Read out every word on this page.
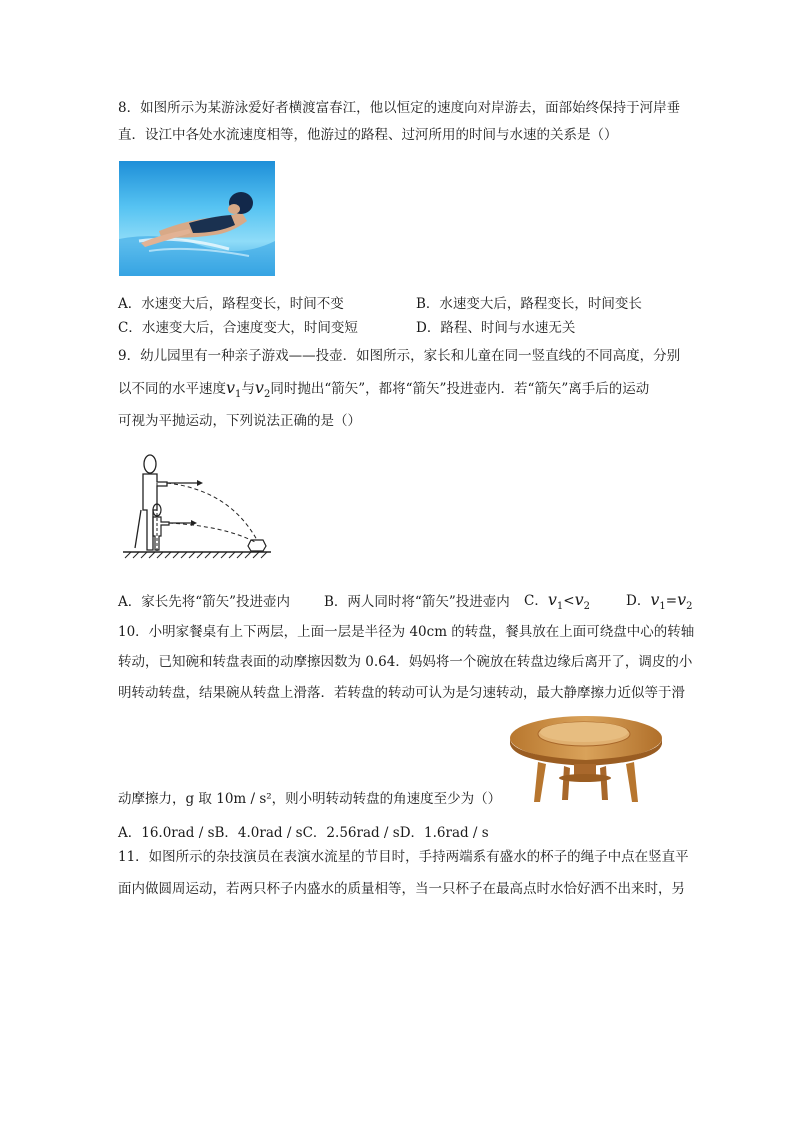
8．如图所示为某游泳爱好者横渡富春江，他以恒定的速度向对岸游去，面部始终保持于河岸垂
直．设江中各处水流速度相等，他游过的路程、过河所用的时间与水速的关系是（）
A．水速变大后，路程变长，时间不变	B．水速变大后，路程变长，时间变长
C．水速变大后，合速度变大，时间变短	D．路程、时间与水速无关
9．幼儿园里有一种亲子游戏——投壶．如图所示，家长和儿童在同一竖直线的不同高度，分别
以不同的水平速度$v_1$与$v_2$同时抛出“箭矢”，都将“箭矢”投进壶内．若“箭矢”离手后的运动
可视为平抛运动，下列说法正确的是（）
A．家长先将“箭矢”投进壶内	B．两人同时将“箭矢”投进壶内 C．$v_1<v_2$	D．$v_1=v_2$
10．小明家餐桌有上下两层，上面一层是半径为 40cm 的转盘，餐具放在上面可绕盘中心的转轴
转动，已知碗和转盘表面的动摩擦因数为 0.64．妈妈将一个碗放在转盘边缘后离开了，调皮的小
明转动转盘，结果碗从转盘上滑落．若转盘的转动可认为是匀速转动，最大静摩擦力近似等于滑
动摩擦力，g 取 10m / s²，则小明转动转盘的角速度至少为（）
A．16.0rad / sB．4.0rad / sC．2.56rad / sD．1.6rad / s
11．如图所示的杂技演员在表演水流星的节目时，手持两端系有盛水的杯子的绳子中点在竖直平
面内做圆周运动，若两只杯子内盛水的质量相等，当一只杯子在最高点时水恰好洒不出来时，另
